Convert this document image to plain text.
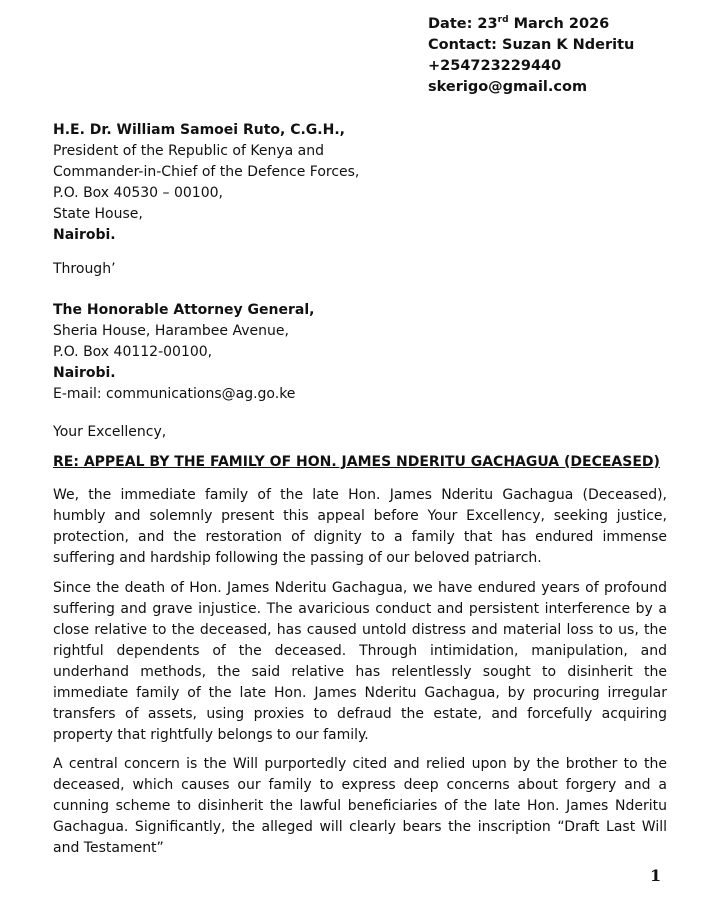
Date: 23rd March 2026
Contact: Suzan K Nderitu
+254723229440
skerigo@gmail.com
H.E. Dr. William Samoei Ruto, C.G.H.,
President of the Republic of Kenya and
Commander-in-Chief of the Defence Forces,
P.O. Box 40530 – 00100,
State House,
Nairobi.
Through’
The Honorable Attorney General,
Sheria House, Harambee Avenue,
P.O. Box 40112-00100,
Nairobi.
E-mail: communications@ag.go.ke
Your Excellency,
RE: APPEAL BY THE FAMILY OF HON. JAMES NDERITU GACHAGUA (DECEASED)

We, the immediate family of the late Hon. James Nderitu Gachagua (Deceased), humbly and solemnly present this appeal before Your Excellency, seeking justice, protection, and the restoration of dignity to a family that has endured immense suffering and hardship following the passing of our beloved patriarch.

Since the death of Hon. James Nderitu Gachagua, we have endured years of profound suffering and grave injustice. The avaricious conduct and persistent interference by a close relative to the deceased, has caused untold distress and material loss to us, the rightful dependents of the deceased. Through intimidation, manipulation, and underhand methods, the said relative has relentlessly sought to disinherit the immediate family of the late Hon. James Nderitu Gachagua, by procuring irregular transfers of assets, using proxies to defraud the estate, and forcefully acquiring property that rightfully belongs to our family.

A central concern is the Will purportedly cited and relied upon by the brother to the deceased, which causes our family to express deep concerns about forgery and a cunning scheme to disinherit the lawful beneficiaries of the late Hon. James Nderitu Gachagua. Significantly, the alleged will clearly bears the inscription “Draft Last Will and Testament”

1
